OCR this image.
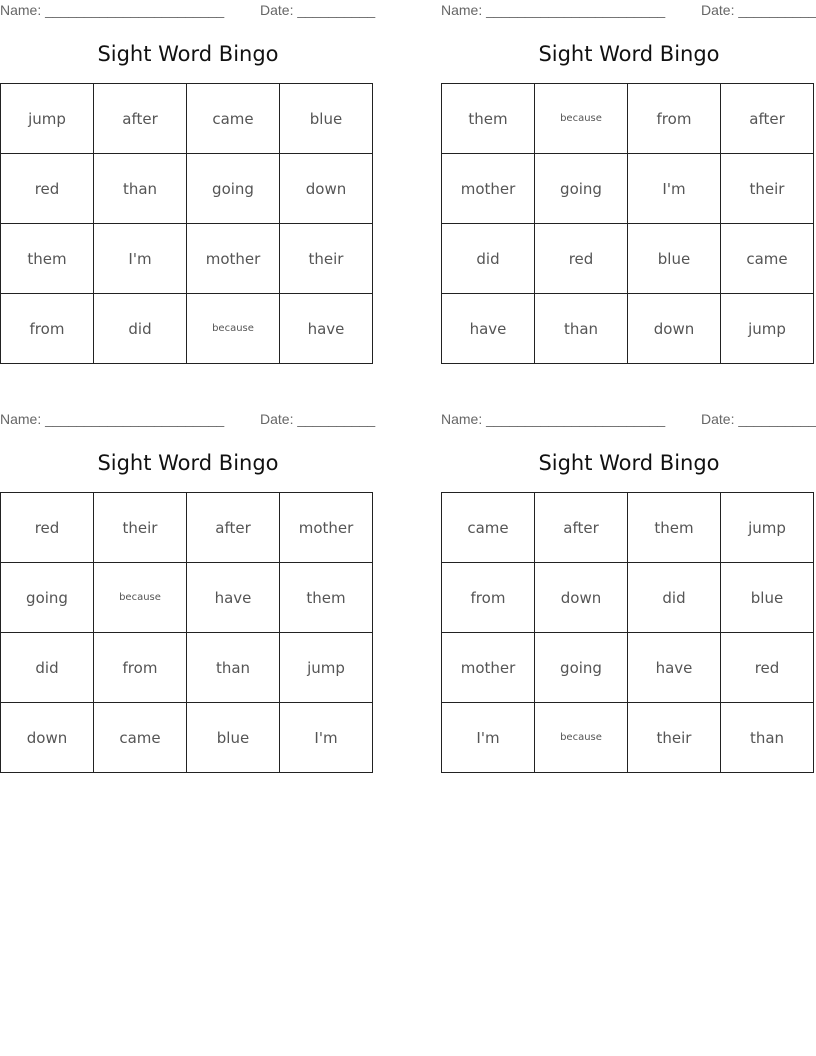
Name: _______________________	Date: __________
Sight Word Bingo
jump	after	came	blue
red	than	going	down
them	I'm	mother	their
from	did	because	have
Name: _______________________	Date: __________
Sight Word Bingo
them	because	from	after
mother	going	I'm	their
did	red	blue	came
have	than	down	jump
Name: _______________________	Date: __________
Sight Word Bingo
red	their	after	mother
going	because	have	them
did	from	than	jump
down	came	blue	I'm
Name: _______________________	Date: __________
Sight Word Bingo
came	after	them	jump
from	down	did	blue
mother	going	have	red
I'm	because	their	than
